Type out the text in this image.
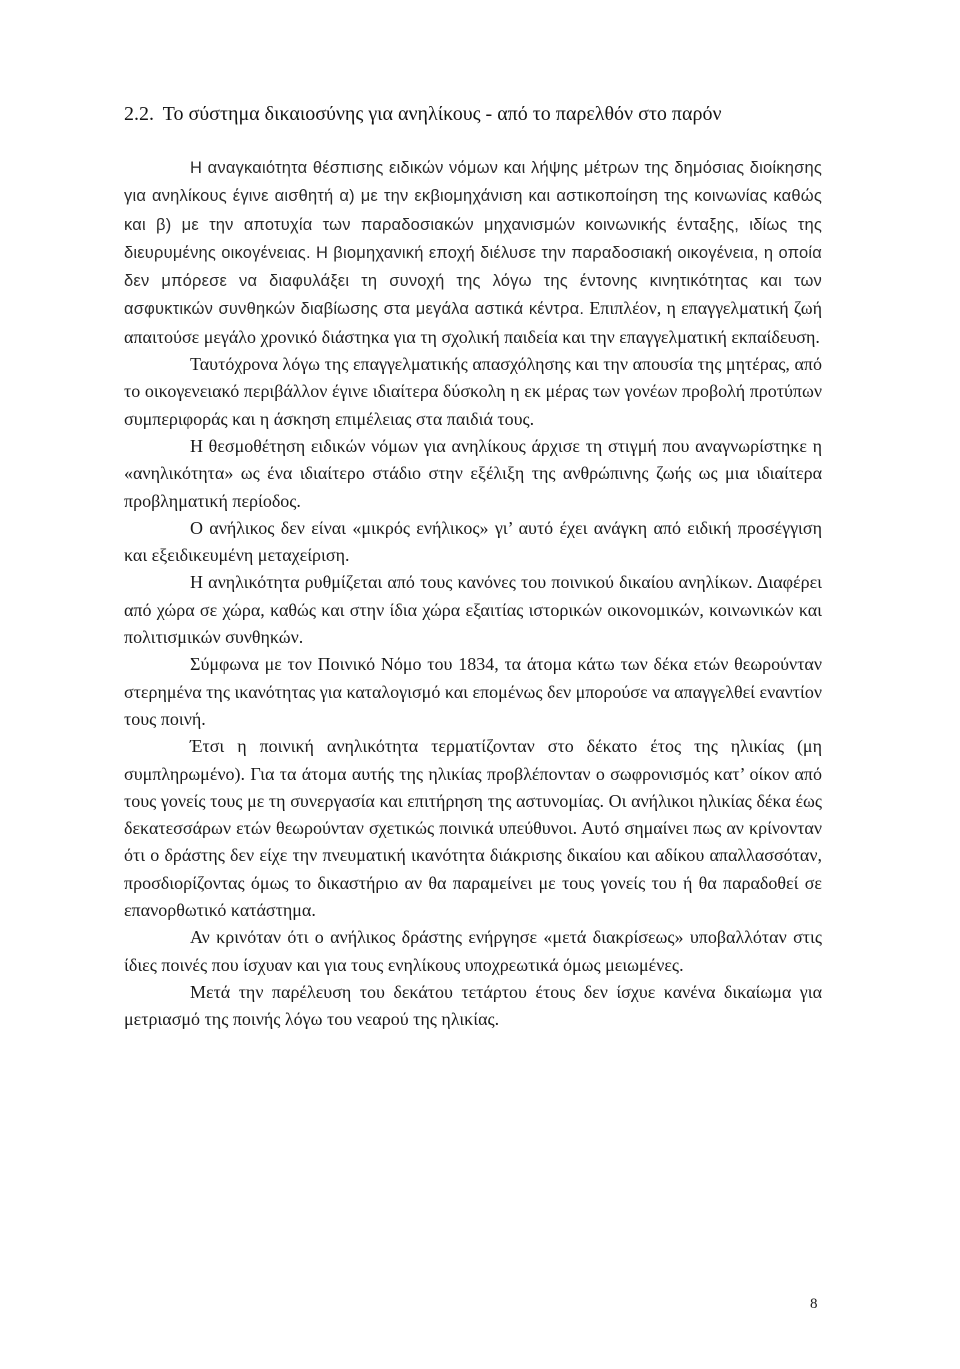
2.2. Το σύστημα δικαιοσύνης για ανηλίκους - από το παρελθόν στο παρόν

Η αναγκαιότητα θέσπισης ειδικών νόμων και λήψης μέτρων της δημόσιας διοίκησης για ανηλίκους έγινε αισθητή α) με την εκβιομηχάνιση και αστικοποίηση της κοινωνίας καθώς και β) με την αποτυχία των παραδοσιακών μηχανισμών κοινωνικής ένταξης, ιδίως της διευρυμένης οικογένειας. Η βιομηχανική εποχή διέλυσε την παραδοσιακή οικογένεια, η οποία δεν μπόρεσε να διαφυλάξει τη συνοχή της λόγω της έντονης κινητικότητας και των ασφυκτικών συνθηκών διαβίωσης στα μεγάλα αστικά κέντρα. Επιπλέον, η επαγγελματική ζωή απαιτούσε μεγάλο χρονικό διάστηκα για τη σχολική παιδεία και την επαγγελματική εκπαίδευση.

Ταυτόχρονα λόγω της επαγγελματικής απασχόλησης και την απουσία της μητέρας, από το οικογενειακό περιβάλλον έγινε ιδιαίτερα δύσκολη η εκ μέρας των γονέων προβολή προτύπων συμπεριφοράς και η άσκηση επιμέλειας στα παιδιά τους.

Η θεσμοθέτηση ειδικών νόμων για ανηλίκους άρχισε τη στιγμή που αναγνωρίστηκε η «ανηλικότητα» ως ένα ιδιαίτερο στάδιο στην εξέλιξη της ανθρώπινης ζωής ως μια ιδιαίτερα προβληματική περίοδος.

Ο ανήλικος δεν είναι «μικρός ενήλικος» γι’ αυτό έχει ανάγκη από ειδική προσέγγιση και εξειδικευμένη μεταχείριση.

Η ανηλικότητα ρυθμίζεται από τους κανόνες του ποινικού δικαίου ανηλίκων. Διαφέρει από χώρα σε χώρα, καθώς και στην ίδια χώρα εξαιτίας ιστορικών οικονομικών, κοινωνικών και πολιτισμικών συνθηκών.

Σύμφωνα με τον Ποινικό Νόμο του 1834, τα άτομα κάτω των δέκα ετών θεωρούνταν στερημένα της ικανότητας για καταλογισμό και επομένως δεν μπορούσε να απαγγελθεί εναντίον τους ποινή.

Έτσι η ποινική ανηλικότητα τερματίζονταν στο δέκατο έτος της ηλικίας (μη συμπληρωμένο). Για τα άτομα αυτής της ηλικίας προβλέπονταν ο σωφρονισμός κατ’ οίκον από τους γονείς τους με τη συνεργασία και επιτήρηση της αστυνομίας. Οι ανήλικοι ηλικίας δέκα έως δεκατεσσάρων ετών θεωρούνταν σχετικώς ποινικά υπεύθυνοι. Αυτό σημαίνει πως αν κρίνονταν ότι ο δράστης δεν είχε την πνευματική ικανότητα διάκρισης δικαίου και αδίκου απαλλασσόταν, προσδιορίζοντας όμως το δικαστήριο αν θα παραμείνει με τους γονείς του ή θα παραδοθεί σε επανορθωτικό κατάστημα.

Αν κρινόταν ότι ο ανήλικος δράστης ενήργησε «μετά διακρίσεως» υποβαλλόταν στις ίδιες ποινές που ίσχυαν και για τους ενηλίκους υποχρεωτικά όμως μειωμένες.

Μετά την παρέλευση του δεκάτου τετάρτου έτους δεν ίσχυε κανένα δικαίωμα για μετριασμό της ποινής λόγω του νεαρού της ηλικίας.

8
